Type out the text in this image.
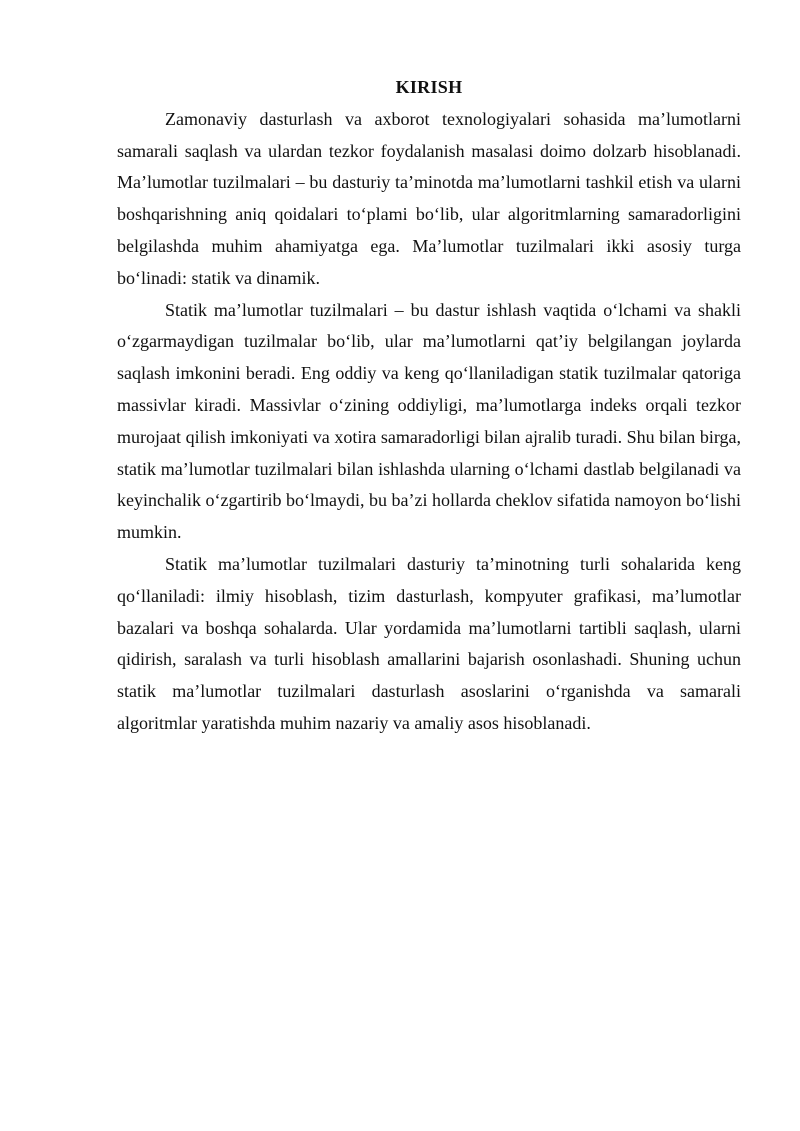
KIRISH

Zamonaviy dasturlash va axborot texnologiyalari sohasida ma’lumotlarni samarali saqlash va ulardan tezkor foydalanish masalasi doimo dolzarb hisoblanadi. Ma’lumotlar tuzilmalari – bu dasturiy ta’minotda ma’lumotlarni tashkil etish va ularni boshqarishning aniq qoidalari to‘plami bo‘lib, ular algoritmlarning samaradorligini belgilashda muhim ahamiyatga ega. Ma’lumotlar tuzilmalari ikki asosiy turga bo‘linadi: statik va dinamik.

Statik ma’lumotlar tuzilmalari – bu dastur ishlash vaqtida o‘lchami va shakli o‘zgarmaydigan tuzilmalar bo‘lib, ular ma’lumotlarni qat’iy belgilangan joylarda saqlash imkonini beradi. Eng oddiy va keng qo‘llaniladigan statik tuzilmalar qatoriga massivlar kiradi. Massivlar o‘zining oddiyligi, ma’lumotlarga indeks orqali tezkor murojaat qilish imkoniyati va xotira samaradorligi bilan ajralib turadi. Shu bilan birga, statik ma’lumotlar tuzilmalari bilan ishlashda ularning o‘lchami dastlab belgilanadi va keyinchalik o‘zgartirib bo‘lmaydi, bu ba’zi hollarda cheklov sifatida namoyon bo‘lishi mumkin.

Statik ma’lumotlar tuzilmalari dasturiy ta’minotning turli sohalarida keng qo‘llaniladi: ilmiy hisoblash, tizim dasturlash, kompyuter grafikasi, ma’lumotlar bazalari va boshqa sohalarda. Ular yordamida ma’lumotlarni tartibli saqlash, ularni qidirish, saralash va turli hisoblash amallarini bajarish osonlashadi. Shuning uchun statik ma’lumotlar tuzilmalari dasturlash asoslarini o‘rganishda va samarali algoritmlar yaratishda muhim nazariy va amaliy asos hisoblanadi.
